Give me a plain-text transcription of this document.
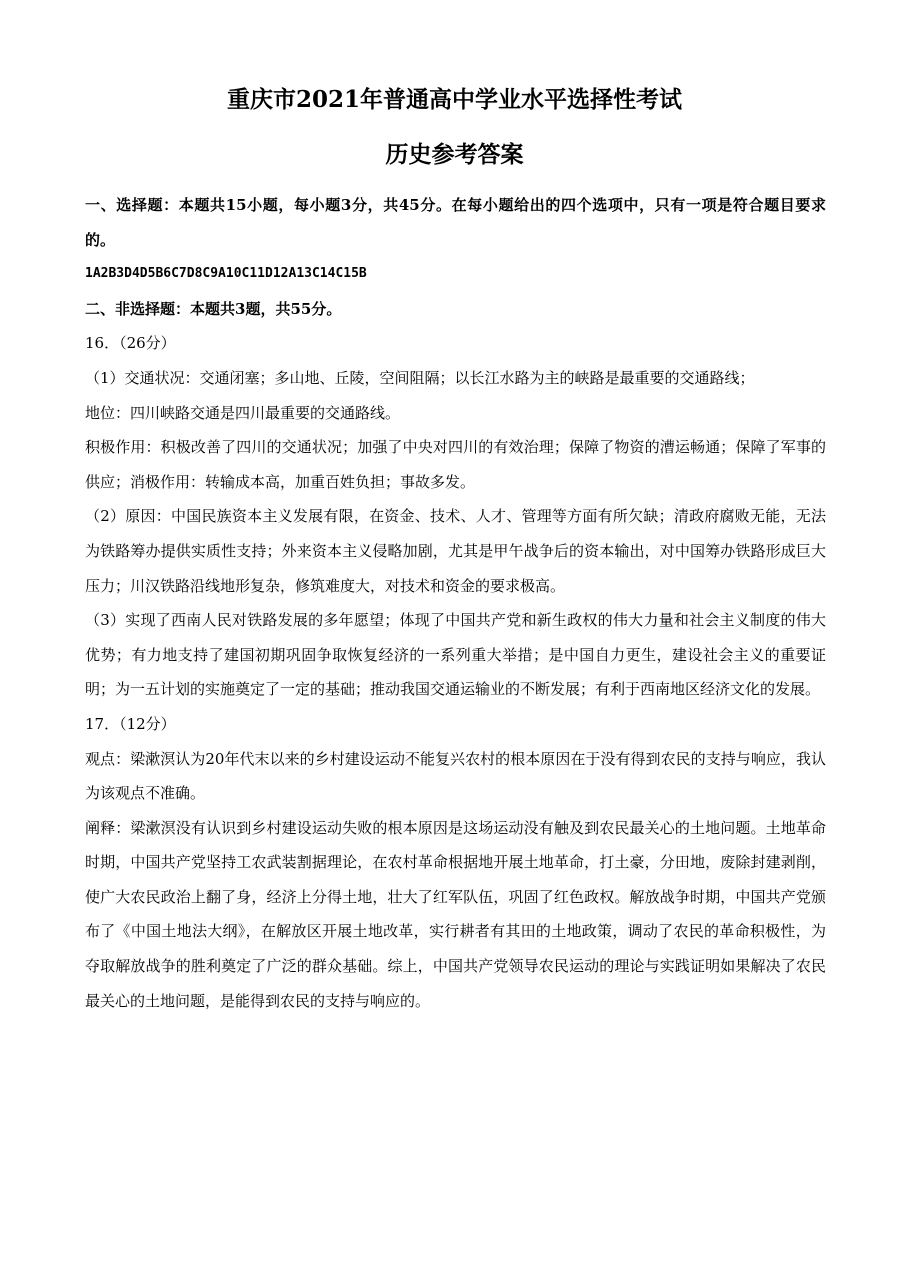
重庆市2021年普通高中学业水平选择性考试
历史参考答案

一、选择题：本题共15小题，每小题3分，共45分。在每小题给出的四个选项中，只有一项是符合题目要求的。

1A2B3D4D5B6C7D8C9A10C11D12A13C14C15B

二、非选择题：本题共3题，共55分。

16．（26分）

（1）交通状况：交通闭塞；多山地、丘陵，空间阻隔；以长江水路为主的峡路是最重要的交通路线；

地位：四川峡路交通是四川最重要的交通路线。

积极作用：积极改善了四川的交通状况；加强了中央对四川的有效治理；保障了物资的漕运畅通；保障了军事的供应；消极作用：转输成本高，加重百姓负担；事故多发。

（2）原因：中国民族资本主义发展有限，在资金、技术、人才、管理等方面有所欠缺；清政府腐败无能，无法为铁路筹办提供实质性支持；外来资本主义侵略加剧，尤其是甲午战争后的资本输出，对中国筹办铁路形成巨大压力；川汉铁路沿线地形复杂，修筑难度大，对技术和资金的要求极高。

（3）实现了西南人民对铁路发展的多年愿望；体现了中国共产党和新生政权的伟大力量和社会主义制度的伟大优势；有力地支持了建国初期巩固争取恢复经济的一系列重大举措；是中国自力更生，建设社会主义的重要证明；为一五计划的实施奠定了一定的基础；推动我国交通运输业的不断发展；有利于西南地区经济文化的发展。

17．（12分）

观点：梁漱溟认为20年代末以来的乡村建设运动不能复兴农村的根本原因在于没有得到农民的支持与响应，我认为该观点不准确。

阐释：梁漱溟没有认识到乡村建设运动失败的根本原因是这场运动没有触及到农民最关心的土地问题。土地革命时期，中国共产党坚持工农武装割据理论，在农村革命根据地开展土地革命，打土豪，分田地，废除封建剥削，使广大农民政治上翻了身，经济上分得土地，壮大了红军队伍，巩固了红色政权。解放战争时期，中国共产党颁布了《中国土地法大纲》，在解放区开展土地改革，实行耕者有其田的土地政策，调动了农民的革命积极性，为夺取解放战争的胜利奠定了广泛的群众基础。综上，中国共产党领导农民运动的理论与实践证明如果解决了农民最关心的土地问题，是能得到农民的支持与响应的。
